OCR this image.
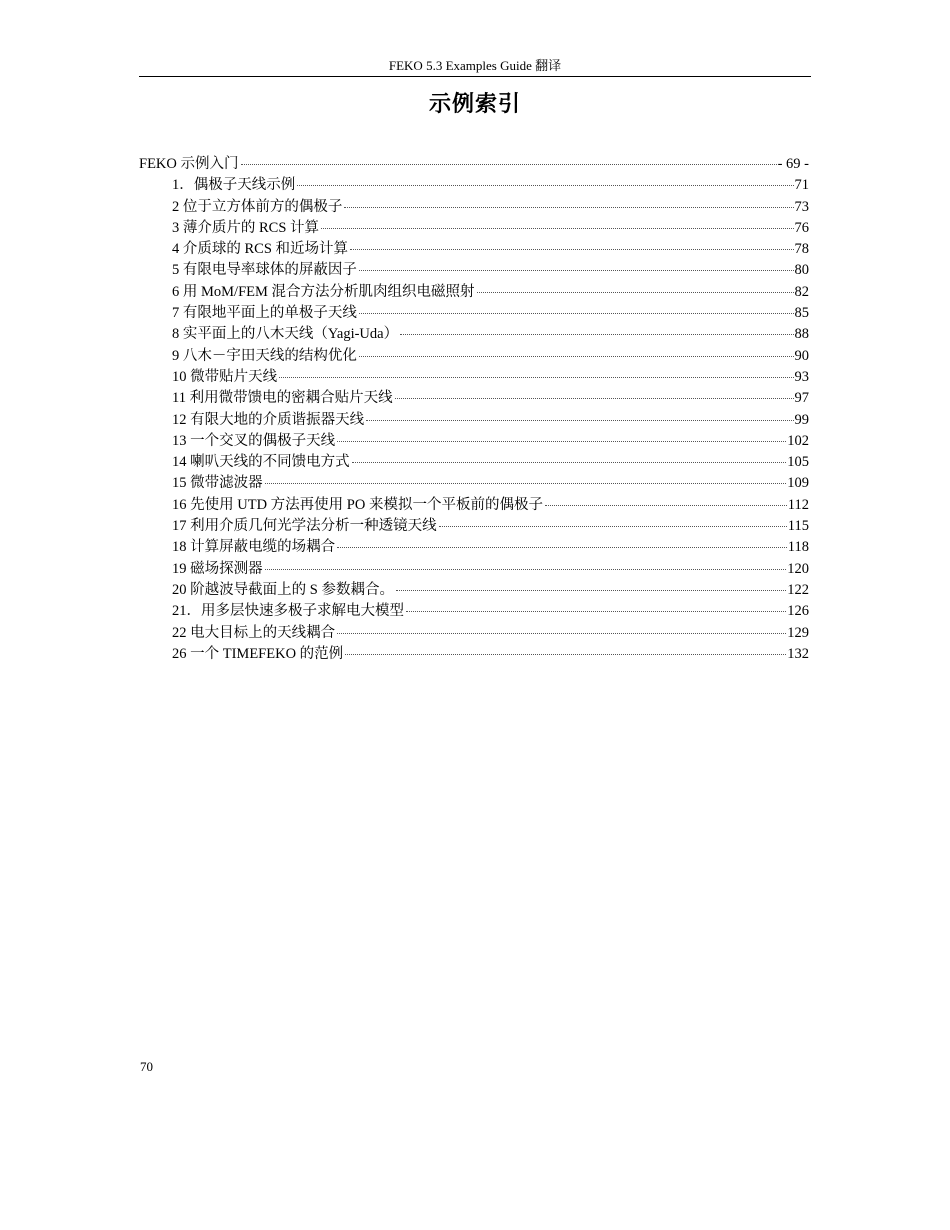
FEKO 5.3 Examples Guide 翻译
示例索引
FEKO 示例入门	- 69 -
1．偶极子天线示例	71
2 位于立方体前方的偶极子	73
3 薄介质片的 RCS 计算	76
4 介质球的 RCS 和近场计算	78
5 有限电导率球体的屏蔽因子	80
6 用 MoM/FEM 混合方法分析肌肉组织电磁照射	82
7 有限地平面上的单极子天线	85
8 实平面上的八木天线（Yagi-Uda）	88
9 八木－宇田天线的结构优化	90
10 微带贴片天线	93
11 利用微带馈电的密耦合贴片天线	97
12 有限大地的介质谐振器天线	99
13 一个交叉的偶极子天线	102
14 喇叭天线的不同馈电方式	105
15 微带滤波器	109
16 先使用 UTD 方法再使用 PO 来模拟一个平板前的偶极子	112
17 利用介质几何光学法分析一种透镜天线	115
18 计算屏蔽电缆的场耦合	118
19 磁场探测器	120
20 阶越波导截面上的 S 参数耦合。	122
21．用多层快速多极子求解电大模型	126
22 电大目标上的天线耦合	129
26 一个 TIMEFEKO 的范例	132
70
